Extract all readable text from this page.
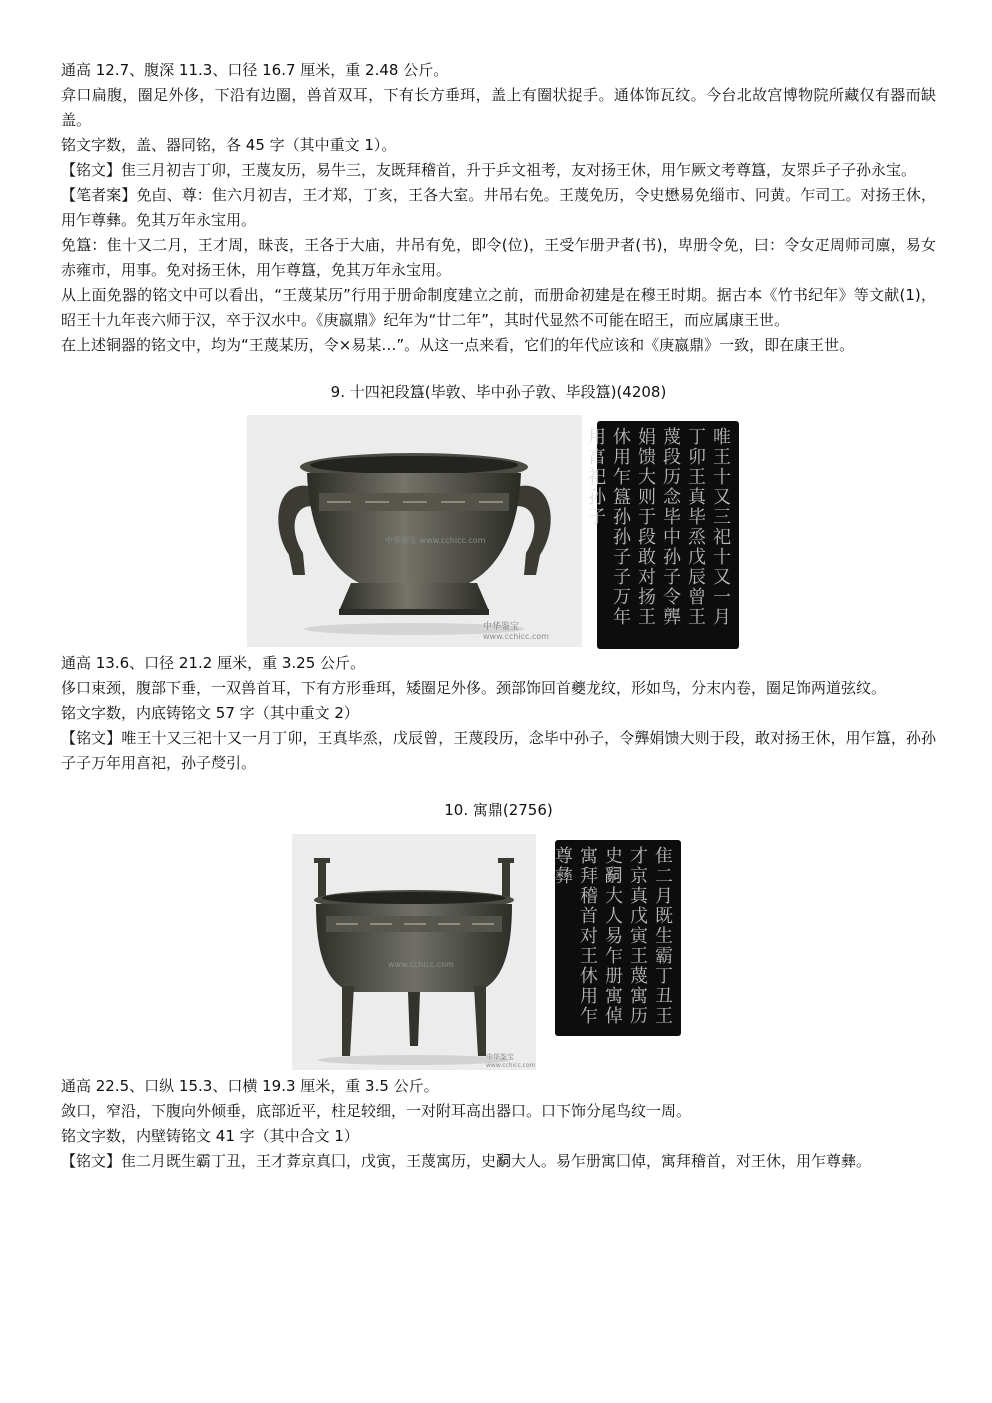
通高 12.7、腹深 11.3、口径 16.7 厘米，重 2.48 公斤。

弇口扁腹，圈足外侈，下沿有边圈，兽首双耳，下有长方垂珥，盖上有圈状捉手。通体饰瓦纹。今台北故宫博物院所藏仅有器而缺盖。

铭文字数，盖、器同铭，各 45 字（其中重文 1）。

【铭文】隹三月初吉丁卯，王蔑友历，易牛三，友既拜稽首，升于乒文祖考，友对扬王休，用乍厥文考尊簋，友眔乒子子孙永宝。

【笔者案】免卣、尊：隹六月初吉，王才郑，丁亥，王各大室。井吊右免。王蔑免历，令史懋易免缁市、冋黄。乍司工。对扬王休，用乍尊彝。免其万年永宝用。

免簋：隹十又二月，王才周，昧丧，王各于大庙，井吊有免，即令(位)，王受乍册尹者(书)，卑册令免，曰：令女疋周师司廪，易女赤雍市，用事。免对扬王休，用乍尊簋，免其万年永宝用。

从上面免器的铭文中可以看出，“王蔑某历”行用于册命制度建立之前，而册命初建是在穆王时期。据古本《竹书纪年》等文献(1)，昭王十九年丧六师于汉，卒于汉水中。《庚嬴鼎》纪年为“廿二年”，其时代显然不可能在昭王，而应属康王世。

在上述铜器的铭文中，均为“王蔑某历，令×易某…”。从这一点来看，它们的年代应该和《庚嬴鼎》一致，即在康王世。

9. 十四祀段簋(毕敦、毕中孙子敦、毕段簋)(4208)

中华鉴宝 www.cchicc.com
中华鉴宝
www.cchicc.com
唯王十又三祀十又一月丁卯王真毕烝戊辰曾王蔑段历念毕中孙子令龏娟馈大则于段敢对扬王休用乍簋孙孙子子万年用亯祀孙子

通高 13.6、口径 21.2 厘米，重 3.25 公斤。

侈口束颈，腹部下垂，一双兽首耳，下有方形垂珥，矮圈足外侈。颈部饰回首夔龙纹，形如鸟，分末内卷，圈足饰两道弦纹。

铭文字数，内底铸铭文 57 字（其中重文 2）

【铭文】唯王十又三祀十又一月丁卯，王真毕烝，戊辰曾，王蔑段历，念毕中孙子，令龏娟馈大则于段，敢对扬王休，用乍簋，孙孙子子万年用亯祀，孙子𠭰引。

10. 寓鼎(2756)

www.cchicc.com
中华鉴宝
www.cchicc.com
隹二月既生霸丁丑王才京真戊寅王蔑寓历史𤔲大人易乍册寓倬寓拜稽首对王休用乍尊彝

通高 22.5、口纵 15.3、口横 19.3 厘米，重 3.5 公斤。

敛口，窄沿，下腹向外倾垂，底部近平，柱足较细，一对附耳高出器口。口下饰分尾鸟纹一周。

铭文字数，内壁铸铭文 41 字（其中合文 1）

【铭文】隹二月既生霸丁丑，王才葊京真囗，戊寅，王蔑寓历，史𤔲大人。易乍册寓囗倬，寓拜稽首，对王休，用乍尊彝。
